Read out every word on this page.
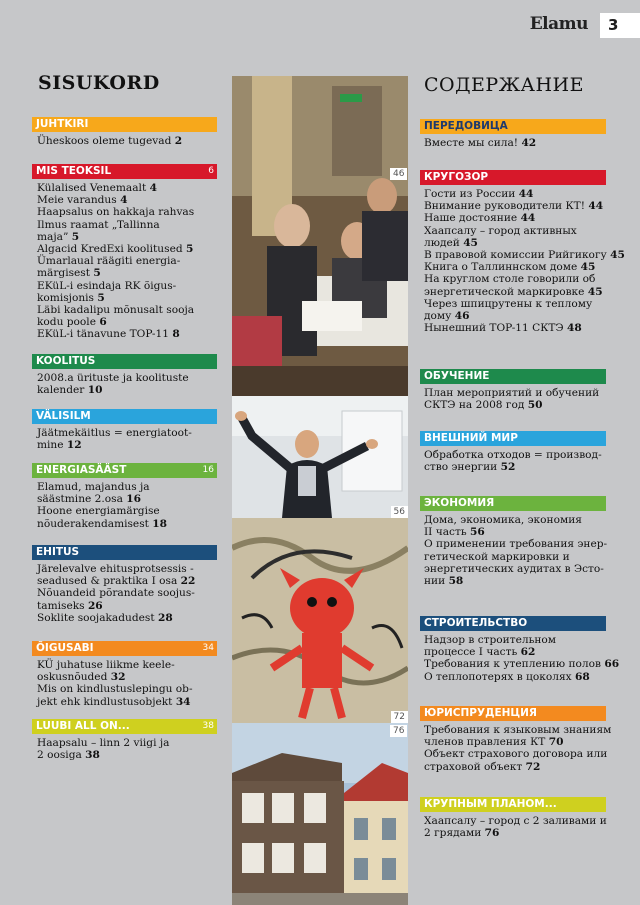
Elamu 3
SISUKORD	СОДЕРЖАНИЕ
JUHTKIRI
Üheskoos oleme tugevad 2
MIS TEOKSIL	6
Külalised Venemaalt 4
Meie varandus 4
Haapsalus on hakkaja rahvas
Ilmus raamat „Tallinna
maja” 5
Algacid KredExi koolitused 5
Ümarlaual räägiti energia-
märgisest 5
EKüL-i esindaja RK õigus-
komisjonis 5
Läbi kadalipu mõnusalt sooja
kodu poole 6
EKüL-i tänavune TOP-11 8
KOOLITUS
2008.a ürituste ja koolituste
kalender 10
VÄLISILM
Jäätmekäitlus = energiatoot-
mine 12
ENERGIASÄÄST	16
Elamud, majandus ja
säästmine 2.osa 16
Hoone energiamärgise
nõuderakendamisest 18
EHITUS
Järelevalve ehitusprotsessis -
seadused & praktika I osa 22
Nõuandeid põrandate soojus-
tamiseks 26
Soklite soojakadudest 28
ÕIGUSABI	34
KÜ juhatuse liikme keele-
oskusnõuded 32
Mis on kindlustuslepingu ob-
jekt ehk kindlustusobjekt 34
LUUBI ALL ON...	38
Haapsalu – linn 2 viigi ja
2 oosiga 38
ПЕРЕДОВИЦА
Вместе мы сила! 42
КРУГОЗОР
Гости из России 44
Внимание руководители КТ! 44
Наше достояние 44
Хаапсалу – город активных
людей 45
В правовой комиссии Рийгикогу 45
Книга о Таллиннском доме 45
На круглом столе говорили об
энергетической маркировке 45
Через шпицрутены к теплому
дому 46
Нынешний TOP-11 СКТЭ 48
ОБУЧЕНИЕ
План мероприятий и обучений
СКТЭ на 2008 год 50
ВНЕШНИЙ МИР
Обработка отходов = производ-
ство энергии 52
ЭКОНОМИЯ
Дома, экономика, экономия
II часть 56
О применении требования энер-
гетической маркировки и
энергетических аудитах в Эсто-
нии 58
СТРОИТЕЛЬСТВО
Надзор в строительном
процессе I часть 62
Требования к утеплению полов 66
О теплопотерях в цоколях 68
ЮРИСПРУДЕНЦИЯ
Требования к языковым знаниям
членов правления КТ 70
Объект страхового договора или
страховой объект 72
КРУПНЫМ ПЛАНОМ...
Хаапсалу – город с 2 заливами и
2 грядами 76
46
56
72
76
